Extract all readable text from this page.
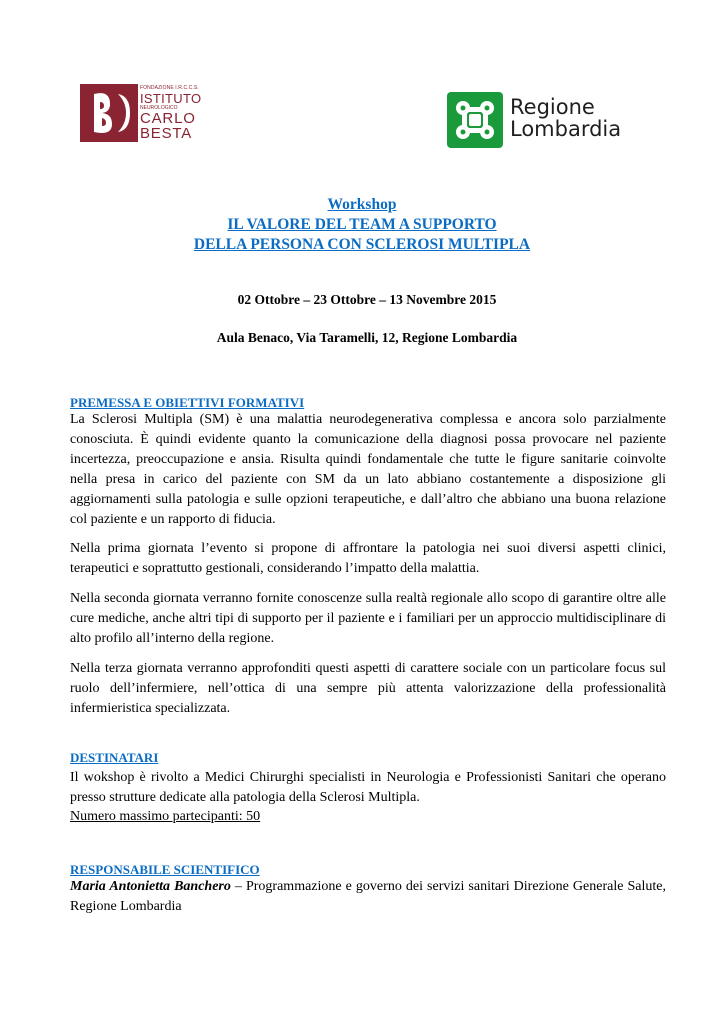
FONDAZIONE I.R.C.C.S.
ISTITUTO
NEUROLOGICO
CARLO
BESTA
Regione
Lombardia
Workshop
IL VALORE DEL TEAM A SUPPORTO
DELLA PERSONA CON SCLEROSI MULTIPLA
02 Ottobre – 23 Ottobre – 13 Novembre 2015
Aula Benaco, Via Taramelli, 12, Regione Lombardia
PREMESSA E OBIETTIVI FORMATIVI
La Sclerosi Multipla (SM) è una malattia neurodegenerativa complessa e ancora solo parzialmente conosciuta. È quindi evidente quanto la comunicazione della diagnosi possa provocare nel paziente incertezza, preoccupazione e ansia. Risulta quindi fondamentale che tutte le figure sanitarie coinvolte nella presa in carico del paziente con SM da un lato abbiano costantemente a disposizione gli aggiornamenti sulla patologia e sulle opzioni terapeutiche, e dall’altro che abbiano una buona relazione col paziente e un rapporto di fiducia.
Nella prima giornata l’evento si propone di affrontare la patologia nei suoi diversi aspetti clinici, terapeutici e soprattutto gestionali, considerando l’impatto della malattia.
Nella seconda giornata verranno fornite conoscenze sulla realtà regionale allo scopo di garantire oltre alle cure mediche, anche altri tipi di supporto per il paziente e i familiari per un approccio multidisciplinare di alto profilo all’interno della regione.
Nella terza giornata verranno approfonditi questi aspetti di carattere sociale con un particolare focus sul ruolo dell’infermiere, nell’ottica di una sempre più attenta valorizzazione della professionalità infermieristica specializzata.
DESTINATARI
Il wokshop è rivolto a Medici Chirurghi specialisti in Neurologia e Professionisti Sanitari che operano presso strutture dedicate alla patologia della Sclerosi Multipla.
Numero massimo partecipanti: 50
RESPONSABILE SCIENTIFICO
Maria Antonietta Banchero – Programmazione e governo dei servizi sanitari Direzione Generale Salute, Regione Lombardia
